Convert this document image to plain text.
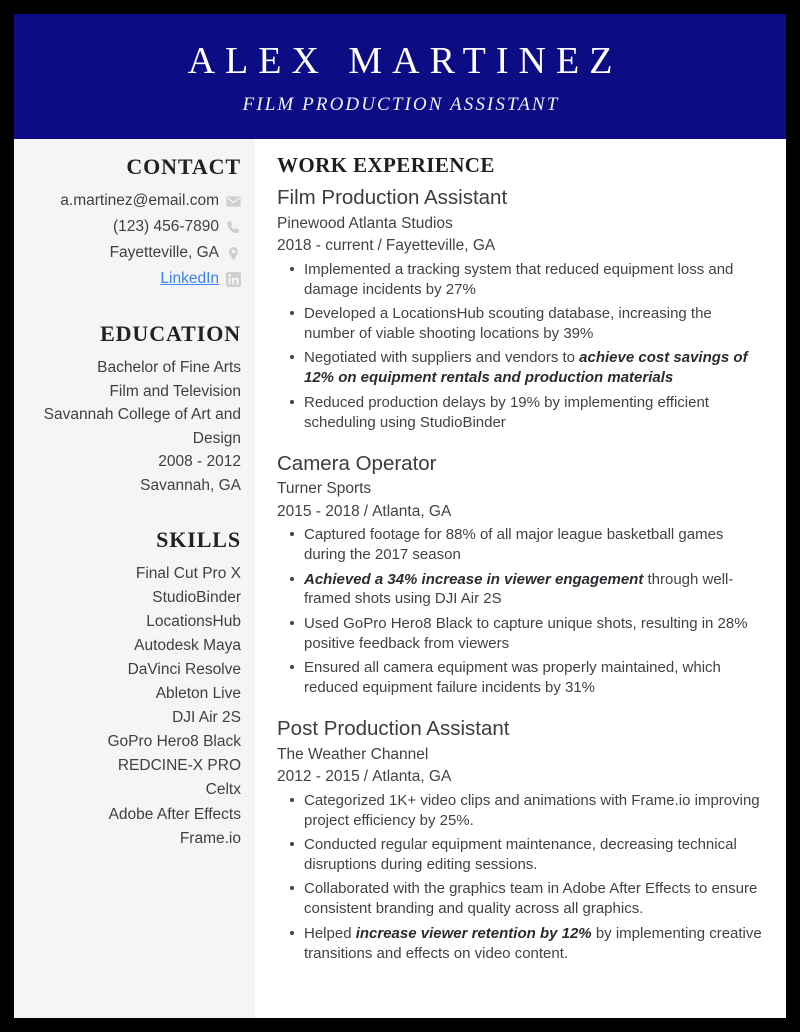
ALEX MARTINEZ
FILM PRODUCTION ASSISTANT
CONTACT
a.martinez@email.com
(123) 456-7890
Fayetteville, GA
LinkedIn
EDUCATION
Bachelor of Fine Arts
Film and Television
Savannah College of Art and Design
2008 - 2012
Savannah, GA
SKILLS
Final Cut Pro X
StudioBinder
LocationsHub
Autodesk Maya
DaVinci Resolve
Ableton Live
DJI Air 2S
GoPro Hero8 Black
REDCINE-X PRO
Celtx
Adobe After Effects
Frame.io
WORK EXPERIENCE
Film Production Assistant
Pinewood Atlanta Studios
2018 - current / Fayetteville, GA
Implemented a tracking system that reduced equipment loss and damage incidents by 27%
Developed a LocationsHub scouting database, increasing the number of viable shooting locations by 39%
Negotiated with suppliers and vendors to achieve cost savings of 12% on equipment rentals and production materials
Reduced production delays by 19% by implementing efficient scheduling using StudioBinder
Camera Operator
Turner Sports
2015 - 2018 / Atlanta, GA
Captured footage for 88% of all major league basketball games during the 2017 season
Achieved a 34% increase in viewer engagement through well-framed shots using DJI Air 2S
Used GoPro Hero8 Black to capture unique shots, resulting in 28% positive feedback from viewers
Ensured all camera equipment was properly maintained, which reduced equipment failure incidents by 31%
Post Production Assistant
The Weather Channel
2012 - 2015 / Atlanta, GA
Categorized 1K+ video clips and animations with Frame.io improving project efficiency by 25%.
Conducted regular equipment maintenance, decreasing technical disruptions during editing sessions.
Collaborated with the graphics team in Adobe After Effects to ensure consistent branding and quality across all graphics.
Helped increase viewer retention by 12% by implementing creative transitions and effects on video content.
